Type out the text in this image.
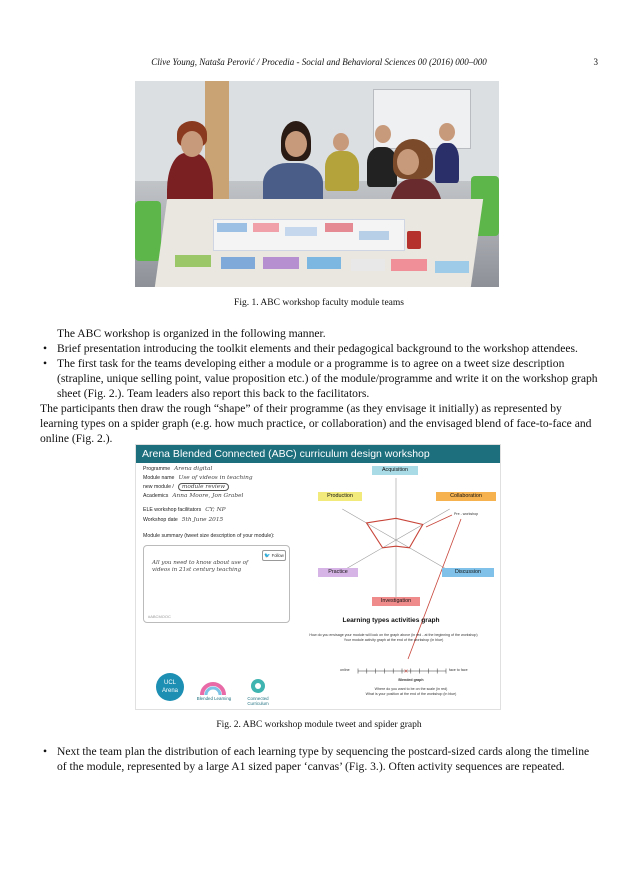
Clive Young, Nataša Perović / Procedia - Social and Behavioral Sciences 00 (2016) 000–000	3
Fig. 1. ABC workshop faculty module teams

The ABC workshop is organized in the following manner.

• Brief presentation introducing the toolkit elements and their pedagogical background to the workshop attendees.
• The first task for the teams developing either a module or a programme is to agree on a tweet size description (strapline, unique selling point, value proposition etc.) of the module/programme and write it on the workshop graph sheet (Fig. 2.). Team leaders also report this back to the facilitators.

The participants then draw the rough “shape” of their programme (as they envisage it initially) as represented by learning types on a spider graph (e.g. how much practice, or collaboration) and the envisaged blend of face-to-face and online (Fig. 2.).

Arena Blended Connected (ABC) curriculum design workshop
Programme Arena digital
Module name Use of videos in teaching
new module / module review
Academics Anna Moore, Jon Grabel
ELE workshop facilitators CY; NP
Workshop date 5th June 2015
Module summary (tweet size description of your module):
🐦 Follow
All you need to know about use of videos in 21st century teaching
#ABCMOOC
×
Acquisition
Production	Collaboration
Practice	Discussion
Investigation
Pre - workshop
Learning types activities graph
How do you envisage your module will look on the graph above (in red - at the beginning of the workshop)
Your module activity graph at the end of the workshop (in blue)
online	face to face
Blended graph
Where do you want to be on the scale (in red)
What is your position at the end of the workshop (in blue)
UCL
Arena
Blended Learning	Connected Curriculum
Fig. 2. ABC workshop module tweet and spider graph
• Next the team plan the distribution of each learning type by sequencing the postcard-sized cards along the timeline of the module, represented by a large A1 sized paper ‘canvas’ (Fig. 3.). Often activity sequences are repeated.
